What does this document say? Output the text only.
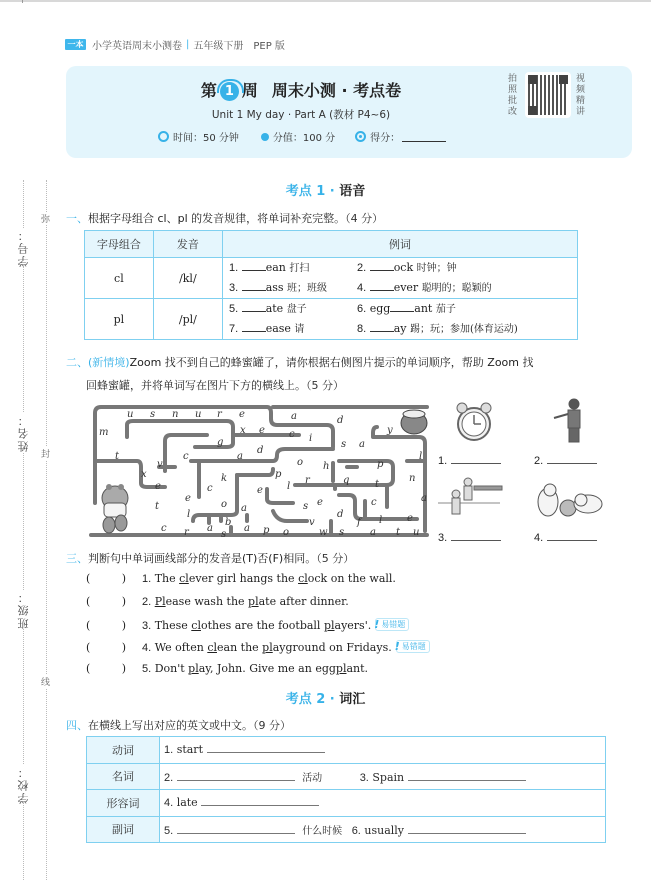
一本 小学英语周末小测卷 | 五年级下册 PEP 版
第 1 周 周末小测 · 考点卷
Unit 1 My day · Part A (教材 P4~6)
时间：50 分钟	分值：100 分	得分：
拍照批改
视频精讲
学号：
姓名：
班级：
学校：
弥
封
线
考点 1 · 语音
一、根据字母组合 cl、pl 的发音规律，将单词补充完整。（4 分）
字母组合	发音	例词
cl	/kl/	1. ean 打扫 2. ock 时钟；钟
3. ass 班；班级 4. ever 聪明的；聪颖的

pl	/pl/	5. ate 盘子 6. egg ant 茄子
7. ease 请 8. ay 踢；玩；参加(体育运动)
二、(新情境)Zoom 找不到自己的蜂蜜罐了，请你根据右侧图片提示的单词顺序，帮助 Zoom 找
回蜂蜜罐，并将单词写在图片下方的横线上。（5 分）
u s n u r e	a	d
m	x e c i
y
g
t	c	a
d
s a
l
v	o h	p
x	k	p
l
r	q	t
n
e	c	e
e	a
t	o a	s e	c
l	d
l e
f
c r a
b
a
s	p o
v
w s	a t u
1.	2.
3.	4.
三、判断句中单词画线部分的发音是(T)否(F)相同。（5 分）
(         ) 1. The clever girl hangs the clock on the wall.
(         ) 2. Please wash the plate after dinner.
(         ) 3. These clothes are the football players'. ! 易错题
(         ) 4. We often clean the playground on Fridays. ! 易错题
(         ) 5. Don't play, John. Give me an eggplant.
考点 2 · 词汇
四、在横线上写出对应的英文或中文。（9 分）
动词	1. start
名词	2. 活动 3. Spain
形容词	4. late
副词	5. 什么时候 6. usually
